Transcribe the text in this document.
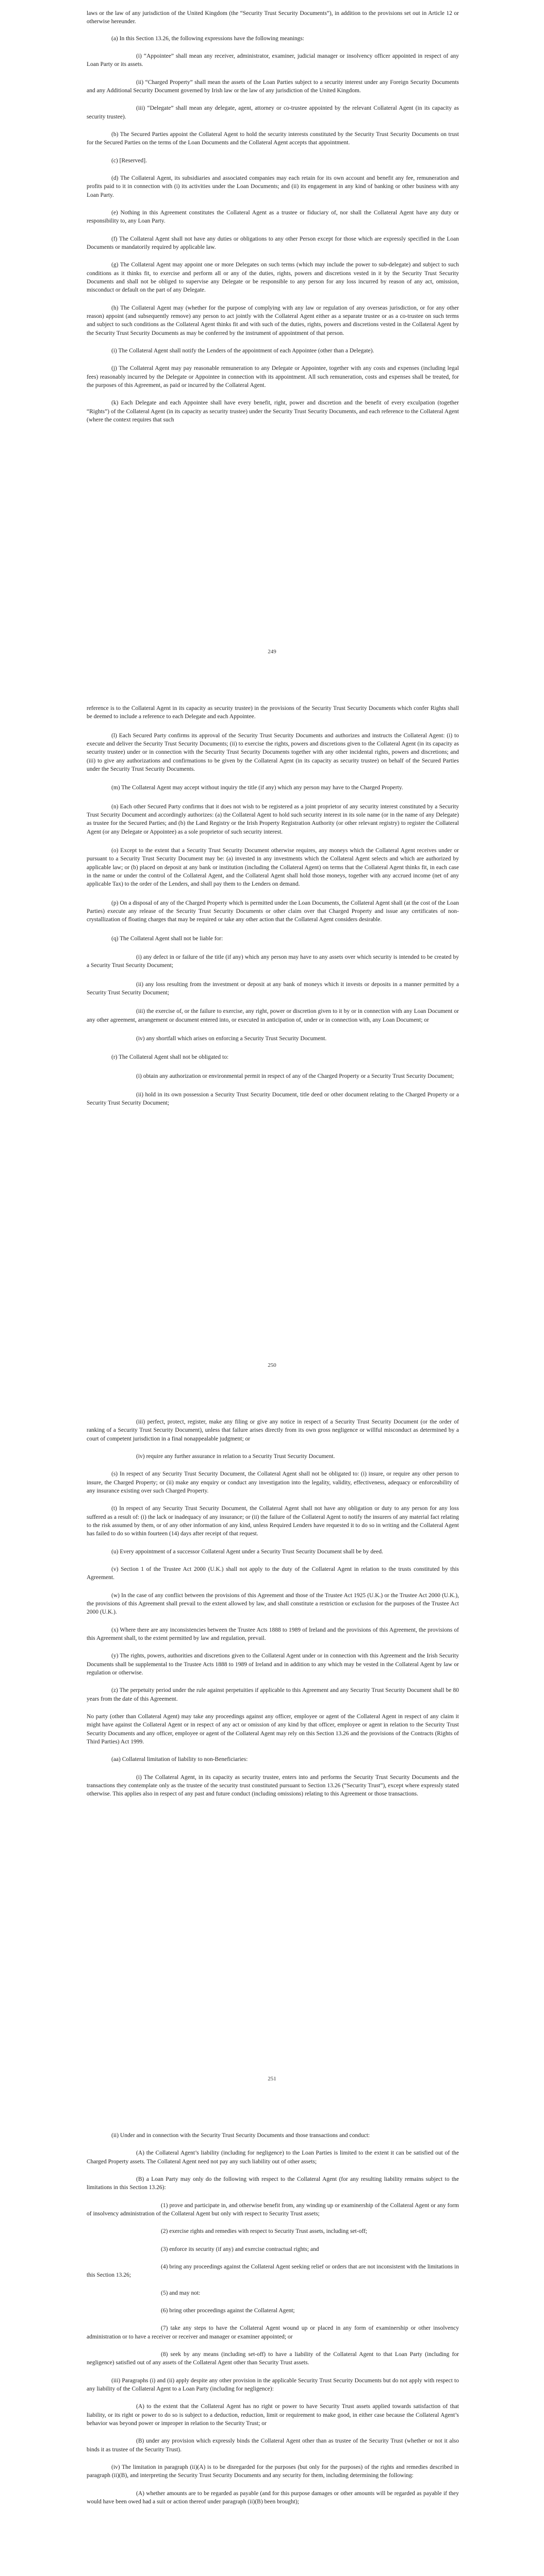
laws or the law of any jurisdiction of the United Kingdom (the “Security Trust Security Documents”), in addition to the provisions set out in Article 12 or otherwise hereunder.

(a) In this Section 13.26, the following expressions have the following meanings:

(i) “Appointee” shall mean any receiver, administrator, examiner, judicial manager or insolvency officer appointed in respect of any Loan Party or its assets.

(ii) “Charged Property” shall mean the assets of the Loan Parties subject to a security interest under any Foreign Security Documents and any Additional Security Document governed by Irish law or the law of any jurisdiction of the United Kingdom.

(iii) “Delegate” shall mean any delegate, agent, attorney or co-trustee appointed by the relevant Collateral Agent (in its capacity as security trustee).

(b) The Secured Parties appoint the Collateral Agent to hold the security interests constituted by the Security Trust Security Documents on trust for the Secured Parties on the terms of the Loan Documents and the Collateral Agent accepts that appointment.

(c) [Reserved].

(d) The Collateral Agent, its subsidiaries and associated companies may each retain for its own account and benefit any fee, remuneration and profits paid to it in connection with (i) its activities under the Loan Documents; and (ii) its engagement in any kind of banking or other business with any Loan Party.

(e) Nothing in this Agreement constitutes the Collateral Agent as a trustee or fiduciary of, nor shall the Collateral Agent have any duty or responsibility to, any Loan Party.

(f) The Collateral Agent shall not have any duties or obligations to any other Person except for those which are expressly specified in the Loan Documents or mandatorily required by applicable law.

(g) The Collateral Agent may appoint one or more Delegates on such terms (which may include the power to sub-delegate) and subject to such conditions as it thinks fit, to exercise and perform all or any of the duties, rights, powers and discretions vested in it by the Security Trust Security Documents and shall not be obliged to supervise any Delegate or be responsible to any person for any loss incurred by reason of any act, omission, misconduct or default on the part of any Delegate.

(h) The Collateral Agent may (whether for the purpose of complying with any law or regulation of any overseas jurisdiction, or for any other reason) appoint (and subsequently remove) any person to act jointly with the Collateral Agent either as a separate trustee or as a co-trustee on such terms and subject to such conditions as the Collateral Agent thinks fit and with such of the duties, rights, powers and discretions vested in the Collateral Agent by the Security Trust Security Documents as may be conferred by the instrument of appointment of that person.

(i) The Collateral Agent shall notify the Lenders of the appointment of each Appointee (other than a Delegate).

(j) The Collateral Agent may pay reasonable remuneration to any Delegate or Appointee, together with any costs and expenses (including legal fees) reasonably incurred by the Delegate or Appointee in connection with its appointment. All such remuneration, costs and expenses shall be treated, for the purposes of this Agreement, as paid or incurred by the Collateral Agent.

(k) Each Delegate and each Appointee shall have every benefit, right, power and discretion and the benefit of every exculpation (together “Rights”) of the Collateral Agent (in its capacity as security trustee) under the Security Trust Security Documents, and each reference to the Collateral Agent (where the context requires that such

249

reference is to the Collateral Agent in its capacity as security trustee) in the provisions of the Security Trust Security Documents which confer Rights shall be deemed to include a reference to each Delegate and each Appointee.

(l) Each Secured Party confirms its approval of the Security Trust Security Documents and authorizes and instructs the Collateral Agent: (i) to execute and deliver the Security Trust Security Documents; (ii) to exercise the rights, powers and discretions given to the Collateral Agent (in its capacity as security trustee) under or in connection with the Security Trust Security Documents together with any other incidental rights, powers and discretions; and (iii) to give any authorizations and confirmations to be given by the Collateral Agent (in its capacity as security trustee) on behalf of the Secured Parties under the Security Trust Security Documents.

(m) The Collateral Agent may accept without inquiry the title (if any) which any person may have to the Charged Property.

(n) Each other Secured Party confirms that it does not wish to be registered as a joint proprietor of any security interest constituted by a Security Trust Security Document and accordingly authorizes: (a) the Collateral Agent to hold such security interest in its sole name (or in the name of any Delegate) as trustee for the Secured Parties; and (b) the Land Registry or the Irish Property Registration Authority (or other relevant registry) to register the Collateral Agent (or any Delegate or Appointee) as a sole proprietor of such security interest.

(o) Except to the extent that a Security Trust Security Document otherwise requires, any moneys which the Collateral Agent receives under or pursuant to a Security Trust Security Document may be: (a) invested in any investments which the Collateral Agent selects and which are authorized by applicable law; or (b) placed on deposit at any bank or institution (including the Collateral Agent) on terms that the Collateral Agent thinks fit, in each case in the name or under the control of the Collateral Agent, and the Collateral Agent shall hold those moneys, together with any accrued income (net of any applicable Tax) to the order of the Lenders, and shall pay them to the Lenders on demand.

(p) On a disposal of any of the Charged Property which is permitted under the Loan Documents, the Collateral Agent shall (at the cost of the Loan Parties) execute any release of the Security Trust Security Documents or other claim over that Charged Property and issue any certificates of non-crystallization of floating charges that may be required or take any other action that the Collateral Agent considers desirable.

(q) The Collateral Agent shall not be liable for:

(i) any defect in or failure of the title (if any) which any person may have to any assets over which security is intended to be created by a Security Trust Security Document;

(ii) any loss resulting from the investment or deposit at any bank of moneys which it invests or deposits in a manner permitted by a Security Trust Security Document;

(iii) the exercise of, or the failure to exercise, any right, power or discretion given to it by or in connection with any Loan Document or any other agreement, arrangement or document entered into, or executed in anticipation of, under or in connection with, any Loan Document; or

(iv) any shortfall which arises on enforcing a Security Trust Security Document.

(r) The Collateral Agent shall not be obligated to:

(i) obtain any authorization or environmental permit in respect of any of the Charged Property or a Security Trust Security Document;

(ii) hold in its own possession a Security Trust Security Document, title deed or other document relating to the Charged Property or a Security Trust Security Document;

250

(iii) perfect, protect, register, make any filing or give any notice in respect of a Security Trust Security Document (or the order of ranking of a Security Trust Security Document), unless that failure arises directly from its own gross negligence or willful misconduct as determined by a court of competent jurisdiction in a final nonappealable judgment; or

(iv) require any further assurance in relation to a Security Trust Security Document.

(s) In respect of any Security Trust Security Document, the Collateral Agent shall not be obligated to: (i) insure, or require any other person to insure, the Charged Property; or (ii) make any enquiry or conduct any investigation into the legality, validity, effectiveness, adequacy or enforceability of any insurance existing over such Charged Property.

(t) In respect of any Security Trust Security Document, the Collateral Agent shall not have any obligation or duty to any person for any loss suffered as a result of: (i) the lack or inadequacy of any insurance; or (ii) the failure of the Collateral Agent to notify the insurers of any material fact relating to the risk assumed by them, or of any other information of any kind, unless Required Lenders have requested it to do so in writing and the Collateral Agent has failed to do so within fourteen (14) days after receipt of that request.

(u) Every appointment of a successor Collateral Agent under a Security Trust Security Document shall be by deed.

(v) Section 1 of the Trustee Act 2000 (U.K.) shall not apply to the duty of the Collateral Agent in relation to the trusts constituted by this Agreement.

(w) In the case of any conflict between the provisions of this Agreement and those of the Trustee Act 1925 (U.K.) or the Trustee Act 2000 (U.K.), the provisions of this Agreement shall prevail to the extent allowed by law, and shall constitute a restriction or exclusion for the purposes of the Trustee Act 2000 (U.K.).

(x) Where there are any inconsistencies between the Trustee Acts 1888 to 1989 of Ireland and the provisions of this Agreement, the provisions of this Agreement shall, to the extent permitted by law and regulation, prevail.

(y) The rights, powers, authorities and discretions given to the Collateral Agent under or in connection with this Agreement and the Irish Security Documents shall be supplemental to the Trustee Acts 1888 to 1989 of Ireland and in addition to any which may be vested in the Collateral Agent by law or regulation or otherwise.

(z) The perpetuity period under the rule against perpetuities if applicable to this Agreement and any Security Trust Security Document shall be 80 years from the date of this Agreement.

No party (other than Collateral Agent) may take any proceedings against any officer, employee or agent of the Collateral Agent in respect of any claim it might have against the Collateral Agent or in respect of any act or omission of any kind by that officer, employee or agent in relation to the Security Trust Security Documents and any officer, employee or agent of the Collateral Agent may rely on this Section 13.26 and the provisions of the Contracts (Rights of Third Parties) Act 1999.

(aa) Collateral limitation of liability to non-Beneficiaries:

(i) The Collateral Agent, in its capacity as security trustee, enters into and performs the Security Trust Security Documents and the transactions they contemplate only as the trustee of the security trust constituted pursuant to Section 13.26 (“Security Trust”), except where expressly stated otherwise. This applies also in respect of any past and future conduct (including omissions) relating to this Agreement or those transactions.

251

(ii) Under and in connection with the Security Trust Security Documents and those transactions and conduct:

(A) the Collateral Agent’s liability (including for negligence) to the Loan Parties is limited to the extent it can be satisfied out of the Charged Property assets. The Collateral Agent need not pay any such liability out of other assets;

(B) a Loan Party may only do the following with respect to the Collateral Agent (for any resulting liability remains subject to the limitations in this Section 13.26):

(1) prove and participate in, and otherwise benefit from, any winding up or examinership of the Collateral Agent or any form of insolvency administration of the Collateral Agent but only with respect to Security Trust assets;

(2) exercise rights and remedies with respect to Security Trust assets, including set-off;

(3) enforce its security (if any) and exercise contractual rights; and

(4) bring any proceedings against the Collateral Agent seeking relief or orders that are not inconsistent with the limitations in this Section 13.26;

(5) and may not:

(6) bring other proceedings against the Collateral Agent;

(7) take any steps to have the Collateral Agent wound up or placed in any form of examinership or other insolvency administration or to have a receiver or receiver and manager or examiner appointed; or

(8) seek by any means (including set-off) to have a liability of the Collateral Agent to that Loan Party (including for negligence) satisfied out of any assets of the Collateral Agent other than Security Trust assets.

(iii) Paragraphs (i) and (ii) apply despite any other provision in the applicable Security Trust Security Documents but do not apply with respect to any liability of the Collateral Agent to a Loan Party (including for negligence):

(A) to the extent that the Collateral Agent has no right or power to have Security Trust assets applied towards satisfaction of that liability, or its right or power to do so is subject to a deduction, reduction, limit or requirement to make good, in either case because the Collateral Agent’s behavior was beyond power or improper in relation to the Security Trust; or

(B) under any provision which expressly binds the Collateral Agent other than as trustee of the Security Trust (whether or not it also binds it as trustee of the Security Trust).

(iv) The limitation in paragraph (ii)(A) is to be disregarded for the purposes (but only for the purposes) of the rights and remedies described in paragraph (ii)(B), and interpreting the Security Trust Security Documents and any security for them, including determining the following:

(A) whether amounts are to be regarded as payable (and for this purpose damages or other amounts will be regarded as payable if they would have been owed had a suit or action thereof under paragraph (ii)(B) been brought);
